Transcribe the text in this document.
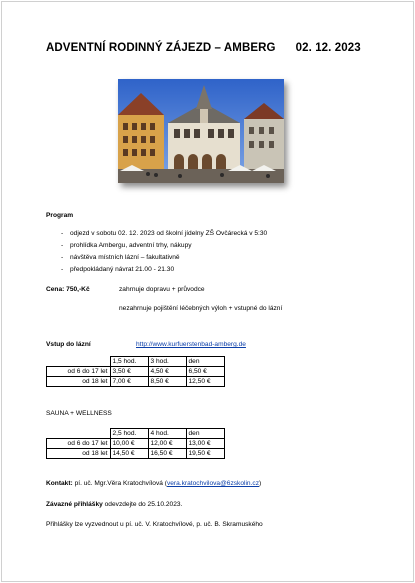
ADVENTNÍ RODINNÝ ZÁJEZD – AMBERG 02. 12. 2023
Program
- odjezd v sobotu 02. 12. 2023 od školní jídelny ZŠ Ovčárecká v 5:30
- prohlídka Ambergu, adventní trhy, nákupy
- návštěva místních lázní – fakultativně
- předpokládaný návrat 21.00 - 21.30
Cena: 750,-Kč	zahrnuje dopravu + průvodce
nezahrnuje pojištění léčebných výloh + vstupné do lázní
Vstup do lázní	http://www.kurfuerstenbad-amberg.de
	1,5 hod.	3 hod.	den
od 6 do 17 let	3,50 €	4,50 €	6,50 €
od 18 let	7,00 €	8,50 €	12,50 €
SAUNA + WELLNESS
	2,5 hod.	4 hod.	den
od 6 do 17 let	10,00 €	12,00 €	13,00 €
od 18 let	14,50 €	16,50 €	19,50 €
Kontakt: pí. uč. Mgr.Věra Kratochvílová (vera.kratochvilova@6zskolin.cz)
Závazné přihlášky odevzdejte do 25.10.2023.
Přihlášky lze vyzvednout u pí. uč. V. Kratochvílové, p. uč. B. Skramuského
